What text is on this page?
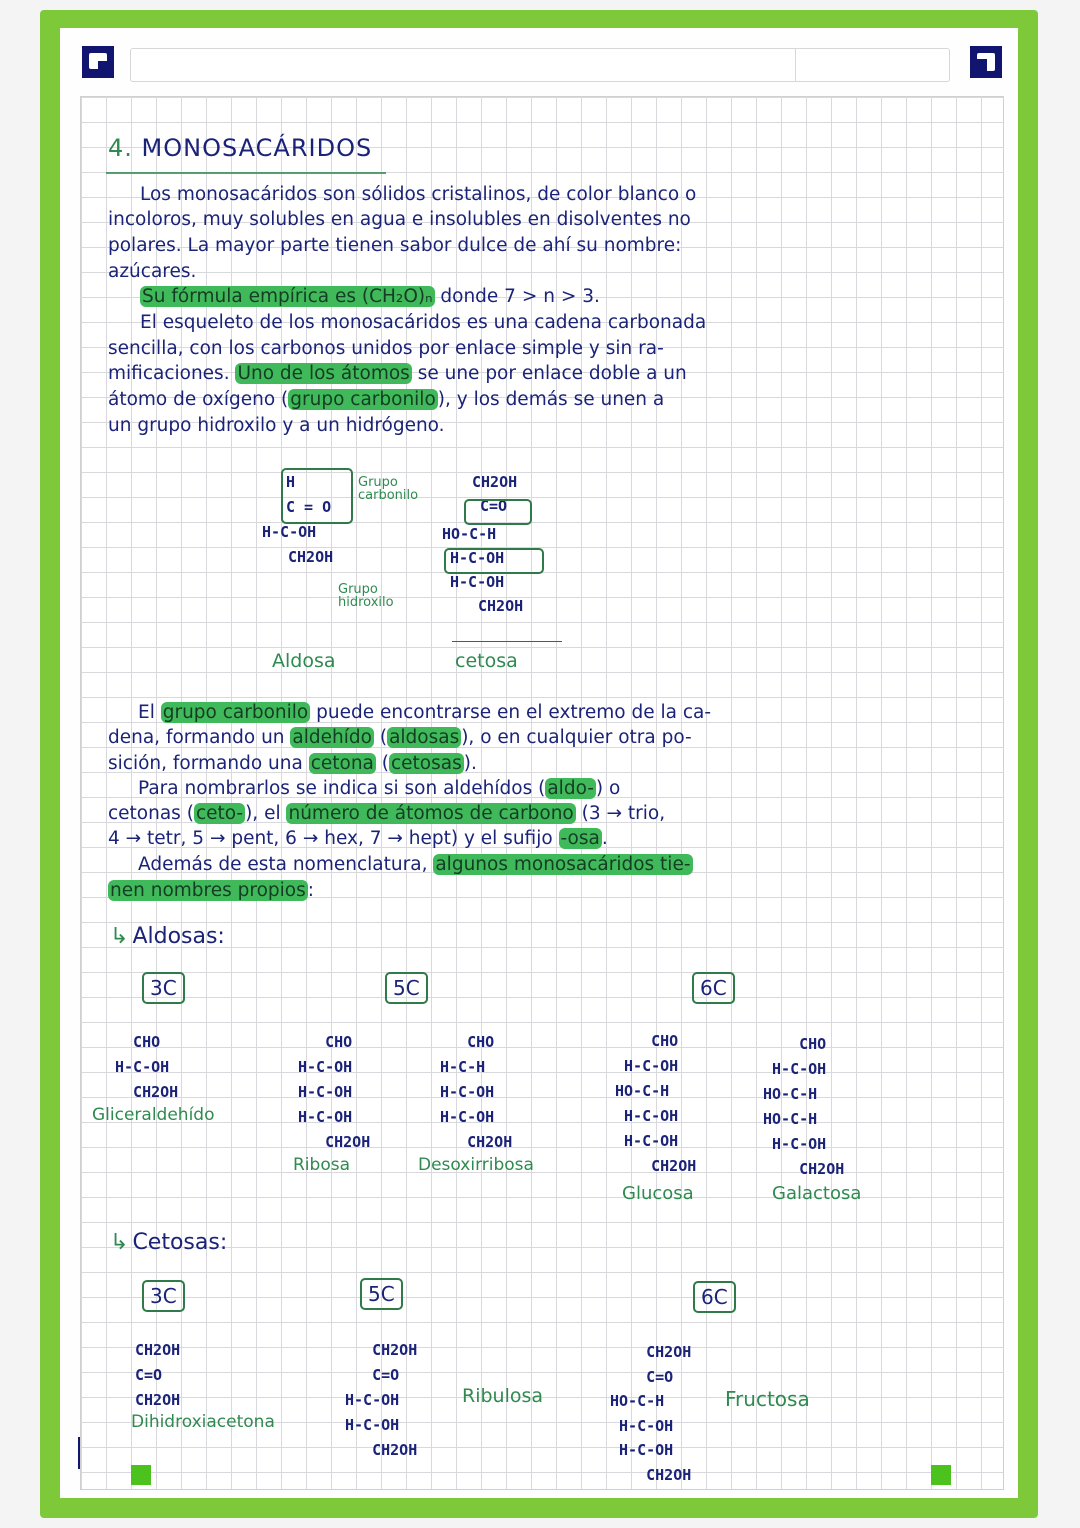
4. MONOSACÁRIDOS
Los monosacáridos son sólidos cristalinos, de color blanco o
incoloros, muy solubles en agua e insolubles en disolventes no
polares. La mayor parte tienen sabor dulce de ahí su nombre:
azúcares.
Su fórmula empírica es (CH₂O)ₙ donde 7 > n > 3.
El esqueleto de los monosacáridos es una cadena carbonada
sencilla, con los carbonos unidos por enlace simple y sin ra-
mificaciones. Uno de los átomos se une por enlace doble a un
átomo de oxígeno ( grupo carbonilo ), y los demás se unen a
un grupo hidroxilo y a un hidrógeno.
H
C = O

H-C-OH
CH2OH
Grupo
carbonilo
CH2OH
C=O
HO-C-H
H-C-OH
H-C-OH
CH2OH
Grupo
hidroxilo
Aldosa	cetosa
El grupo carbonilo puede encontrarse en el extremo de la ca-
dena, formando un aldehído ( aldosas ), o en cualquier otra po-
sición, formando una cetona ( cetosas ).
Para nombrarlos se indica si son aldehídos ( aldo- ) o
cetonas ( ceto- ), el número de átomos de carbono (3 → trio,
4 → tetr, 5 → pent, 6 → hex, 7 → hept) y el sufijo -osa .
Además de esta nomenclatura, algunos monosacáridos tie-
nen nombres propios :
↳ Aldosas:
3C	5C	6C
CHO
H-C-OH
CH2OH
Gliceraldehído
CHO
H-C-OH
H-C-OH
H-C-OH
CH2OH
Ribosa
CHO
H-C-H
H-C-OH
H-C-OH
CH2OH
Desoxirribosa
CHO
H-C-OH
HO-C-H
H-C-OH
H-C-OH
CH2OH
Glucosa
CHO
H-C-OH
HO-C-H
HO-C-H
H-C-OH
CH2OH
Galactosa
↳ Cetosas:
3C	5C	6C
CH2OH
C=O
CH2OH
Dihidroxiacetona
CH2OH
C=O
H-C-OH
H-C-OH
CH2OH
Ribulosa
CH2OH
C=O
HO-C-H
H-C-OH
H-C-OH
CH2OH
Fructosa
